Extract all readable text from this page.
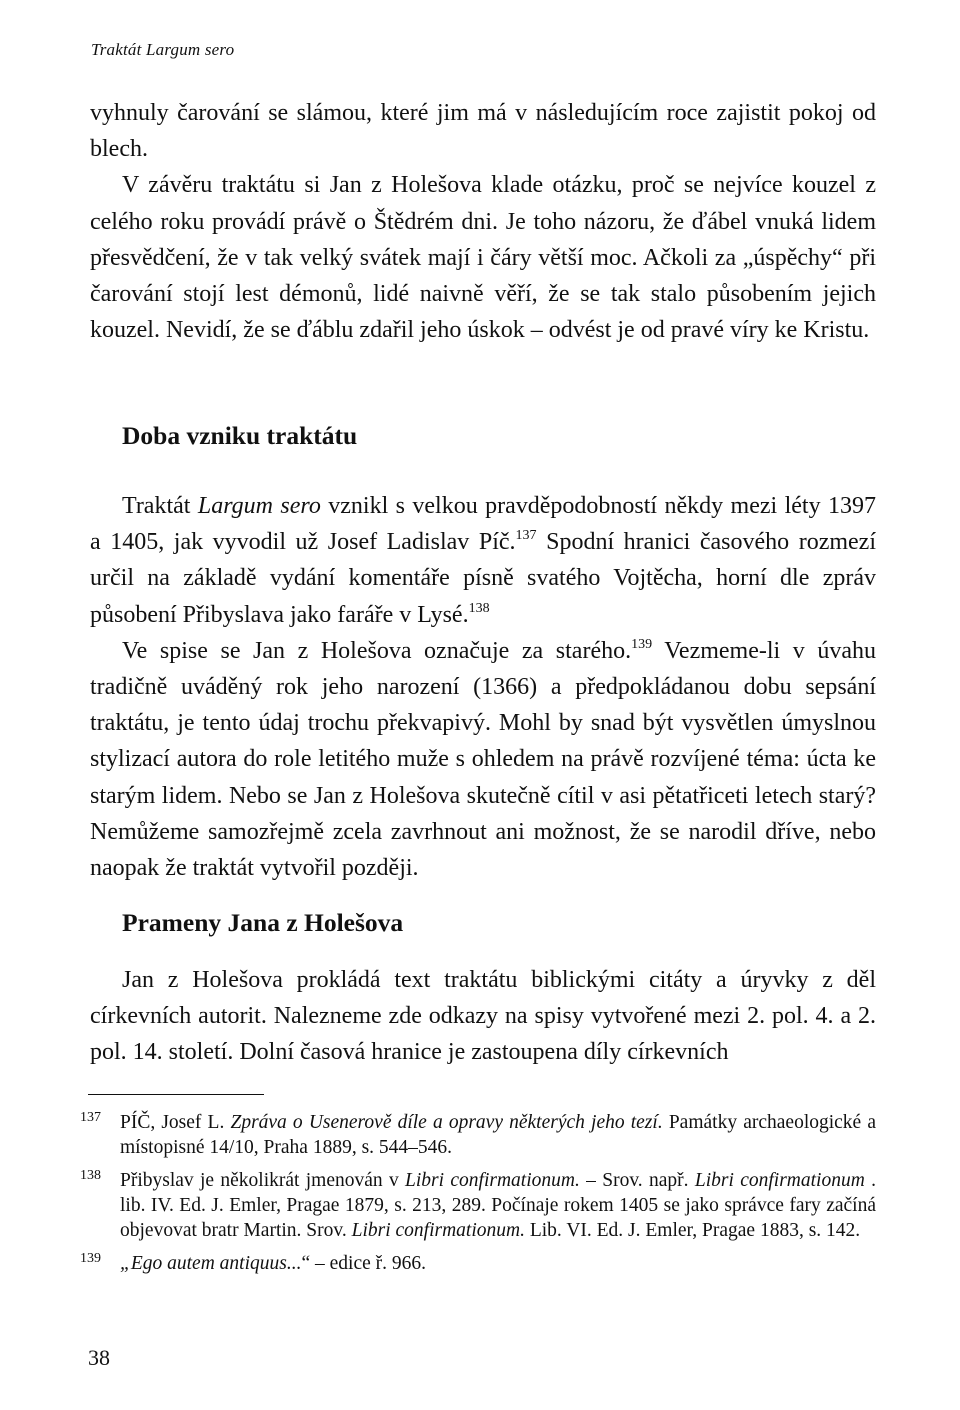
Traktát Largum sero

vyhnuly čarování se slámou, které jim má v následujícím roce zajistit pokoj od blech.

V závěru traktátu si Jan z Holešova klade otázku, proč se nejvíce kouzel z celého roku provádí právě o Štědrém dni. Je toho názoru, že ďábel vnuká lidem přesvědčení, že v tak velký svátek mají i čáry větší moc. Ačkoli za „úspěchy“ při čarování stojí lest démonů, lidé naivně věří, že se tak stalo působením jejich kouzel. Nevidí, že se ďáblu zdařil jeho úskok – odvést je od pravé víry ke Kristu.

Doba vzniku traktátu

Traktát Largum sero vznikl s velkou pravděpodobností někdy mezi léty 1397 a 1405, jak vyvodil už Josef Ladislav Píč.$^{137}$ Spodní hranici časového rozmezí určil na základě vydání komentáře písně svatého Vojtěcha, horní dle zpráv působení Přibyslava jako faráře v Lysé.$^{138}$

Ve spise se Jan z Holešova označuje za starého.$^{139}$ Vezmeme-li v úvahu tradičně uváděný rok jeho narození (1366) a předpokládanou dobu sepsání traktátu, je tento údaj trochu překvapivý. Mohl by snad být vysvětlen úmyslnou stylizací autora do role letitého muže s ohledem na právě rozvíjené téma: úcta ke starým lidem. Nebo se Jan z Holešova skutečně cítil v asi pětatřiceti letech starý? Nemůžeme samozřejmě zcela zavrhnout ani možnost, že se narodil dříve, nebo naopak že traktát vytvořil později.

Prameny Jana z Holešova

Jan z Holešova prokládá text traktátu biblickými citáty a úryvky z děl církevních autorit. Nalezneme zde odkazy na spisy vytvořené mezi 2. pol. 4. a 2. pol. 14. století. Dolní časová hranice je zastoupena díly církevních

137 PÍČ, Josef L. Zpráva o Usenerově díle a opravy některých jeho tezí. Památky archaeologické a místopisné 14/10, Praha 1889, s. 544–546.
138 Přibyslav je několikrát jmenován v Libri confirmationum. – Srov. např. Libri confirmationum . lib. IV. Ed. J. Emler, Pragae 1879, s. 213, 289. Počínaje rokem 1405 se jako správce fary začíná objevovat bratr Martin. Srov. Libri confirmationum. Lib. VI. Ed. J. Emler, Pragae 1883, s. 142.
139 „Ego autem antiquus...“ – edice ř. 966.
38
